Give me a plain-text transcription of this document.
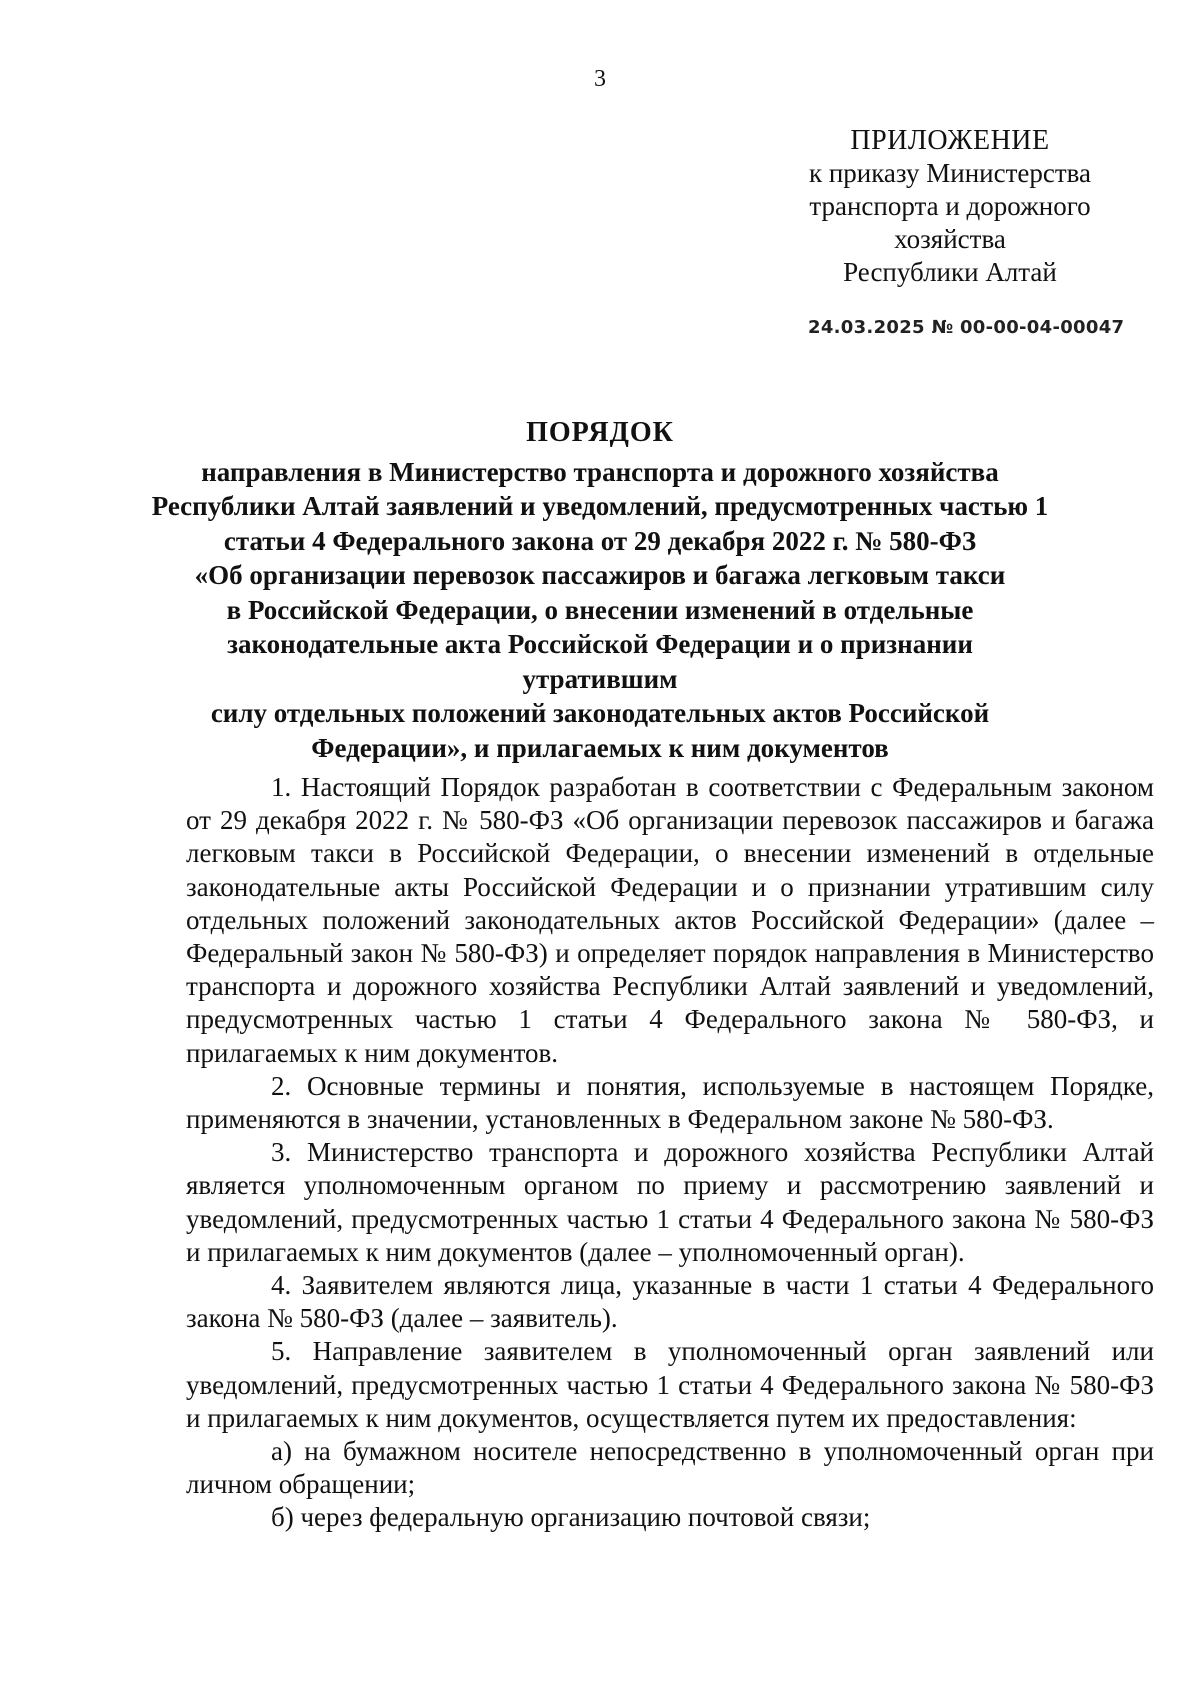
3
ПРИЛОЖЕНИЕ
к приказу Министерства
транспорта и дорожного
хозяйства
Республики Алтай
24.03.2025 № 00-00-04-00047
ПОРЯДОК
направления в Министерство транспорта и дорожного хозяйства
Республики Алтай заявлений и уведомлений, предусмотренных частью 1
статьи 4 Федерального закона от 29 декабря 2022 г. № 580-ФЗ
«Об организации перевозок пассажиров и багажа легковым такси
в Российской Федерации, о внесении изменений в отдельные
законодательные акта Российской Федерации и о признании утратившим
силу отдельных положений законодательных актов Российской
Федерации», и прилагаемых к ним документов

1. Настоящий Порядок разработан в соответствии с Федеральным законом от 29 декабря 2022 г. № 580-ФЗ «Об организации перевозок пассажиров и багажа легковым такси в Российской Федерации, о внесении изменений в отдельные законодательные акты Российской Федерации и о признании утратившим силу отдельных положений законодательных актов Российской Федерации» (далее – Федеральный закон № 580-ФЗ) и определяет порядок направления в Министерство транспорта и дорожного хозяйства Республики Алтай заявлений и уведомлений, предусмотренных частью 1 статьи 4 Федерального закона № 580-ФЗ, и прилагаемых к ним документов.

2. Основные термины и понятия, используемые в настоящем Порядке, применяются в значении, установленных в Федеральном законе № 580-ФЗ.

3. Министерство транспорта и дорожного хозяйства Республики Алтай является уполномоченным органом по приему и рассмотрению заявлений и уведомлений, предусмотренных частью 1 статьи 4 Федерального закона № 580-ФЗ и прилагаемых к ним документов (далее – уполномоченный орган).

4. Заявителем являются лица, указанные в части 1 статьи 4 Федерального закона № 580-ФЗ (далее – заявитель).

5. Направление заявителем в уполномоченный орган заявлений или уведомлений, предусмотренных частью 1 статьи 4 Федерального закона № 580-ФЗ и прилагаемых к ним документов, осуществляется путем их предоставления:

а) на бумажном носителе непосредственно в уполномоченный орган при личном обращении;

б) через федеральную организацию почтовой связи;
